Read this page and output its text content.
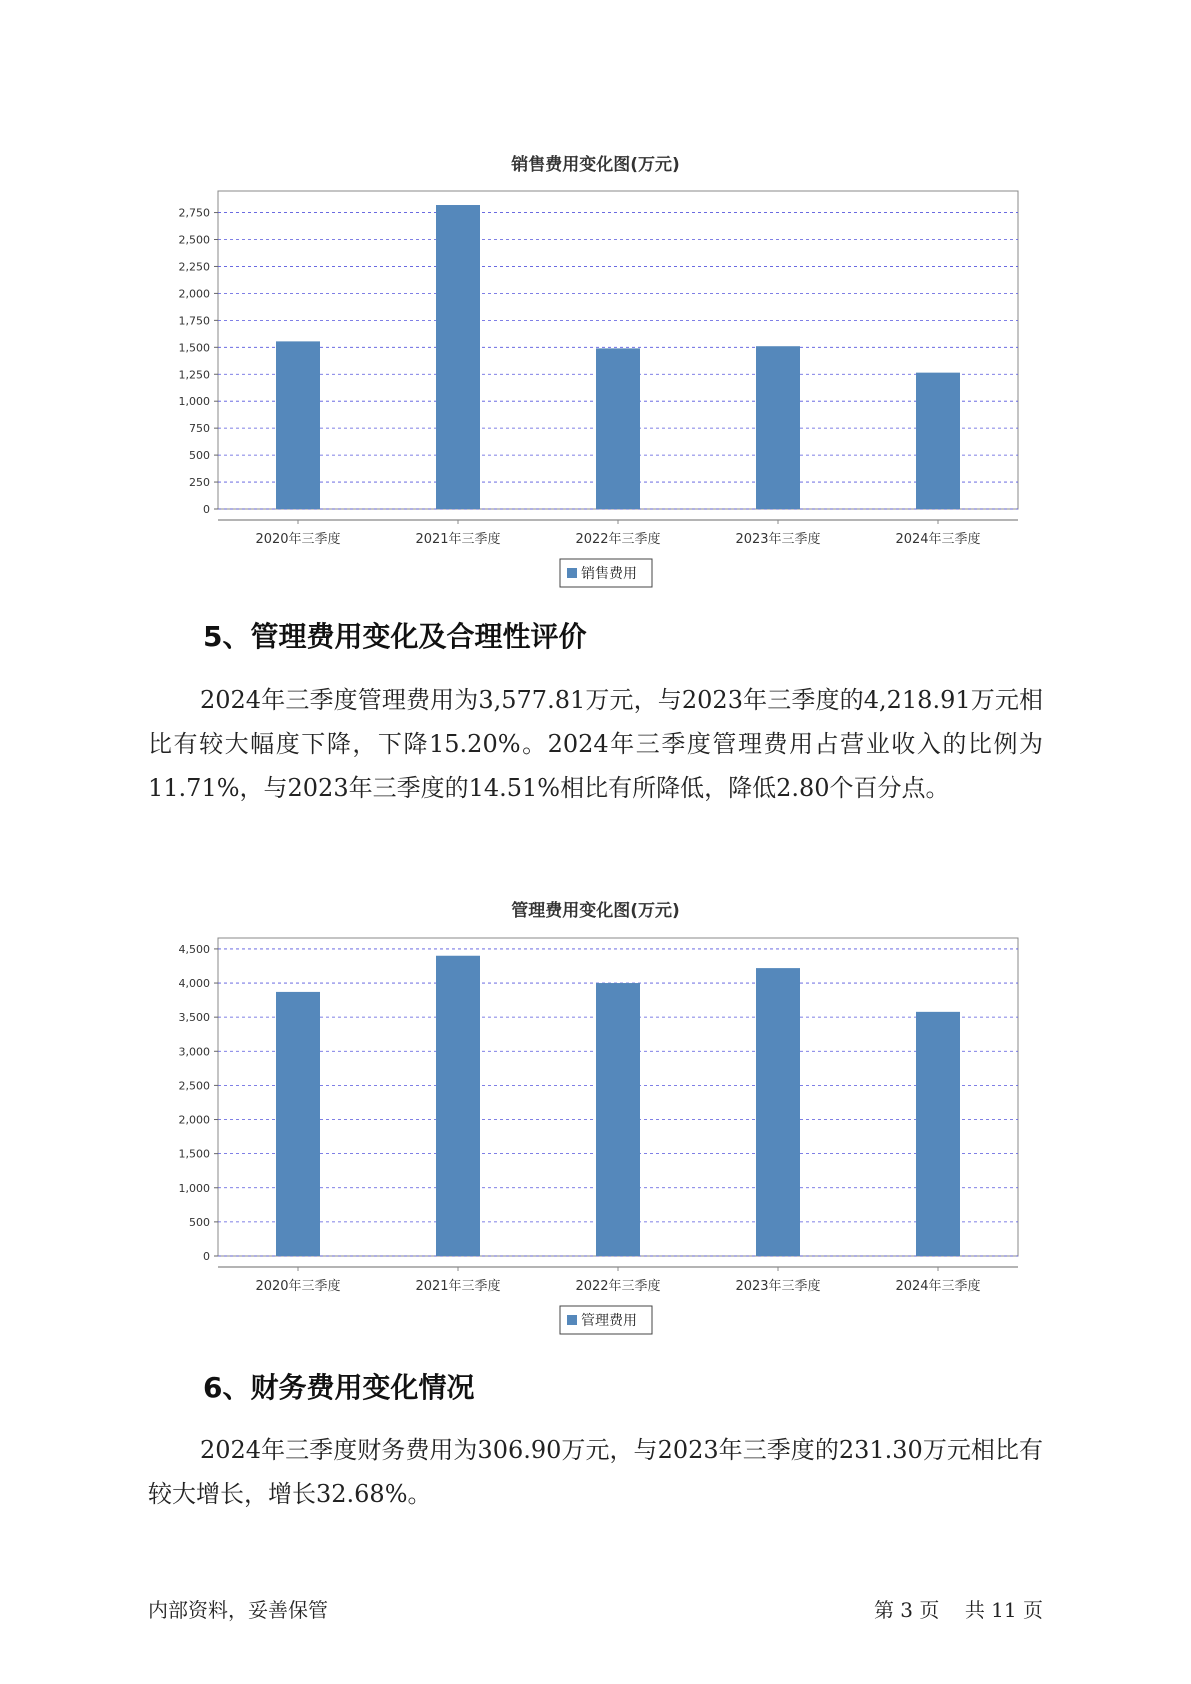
销售费用变化图(万元)
0
250
500
750
1,000
1,250
1,500
1,750
2,000
2,250
2,500
2,750
2020年三季度	2021年三季度	2022年三季度	2023年三季度	2024年三季度
销售费用
5、管理费用变化及合理性评价

2024年三季度管理费用为3,577.81万元，与2023年三季度的4,218.91万元相比有较大幅度下降，下降15.20%。2024年三季度管理费用占营业收入的比例为11.71%，与2023年三季度的14.51%相比有所降低，降低2.80个百分点。

管理费用变化图(万元)
0
500
1,000
1,500
2,000
2,500
3,000
3,500
4,000
4,500
2020年三季度	2021年三季度	2022年三季度	2023年三季度	2024年三季度
管理费用
6、财务费用变化情况

2024年三季度财务费用为306.90万元，与2023年三季度的231.30万元相比有较大增长，增长32.68%。

内部资料，妥善保管	第 3 页 共 11 页
